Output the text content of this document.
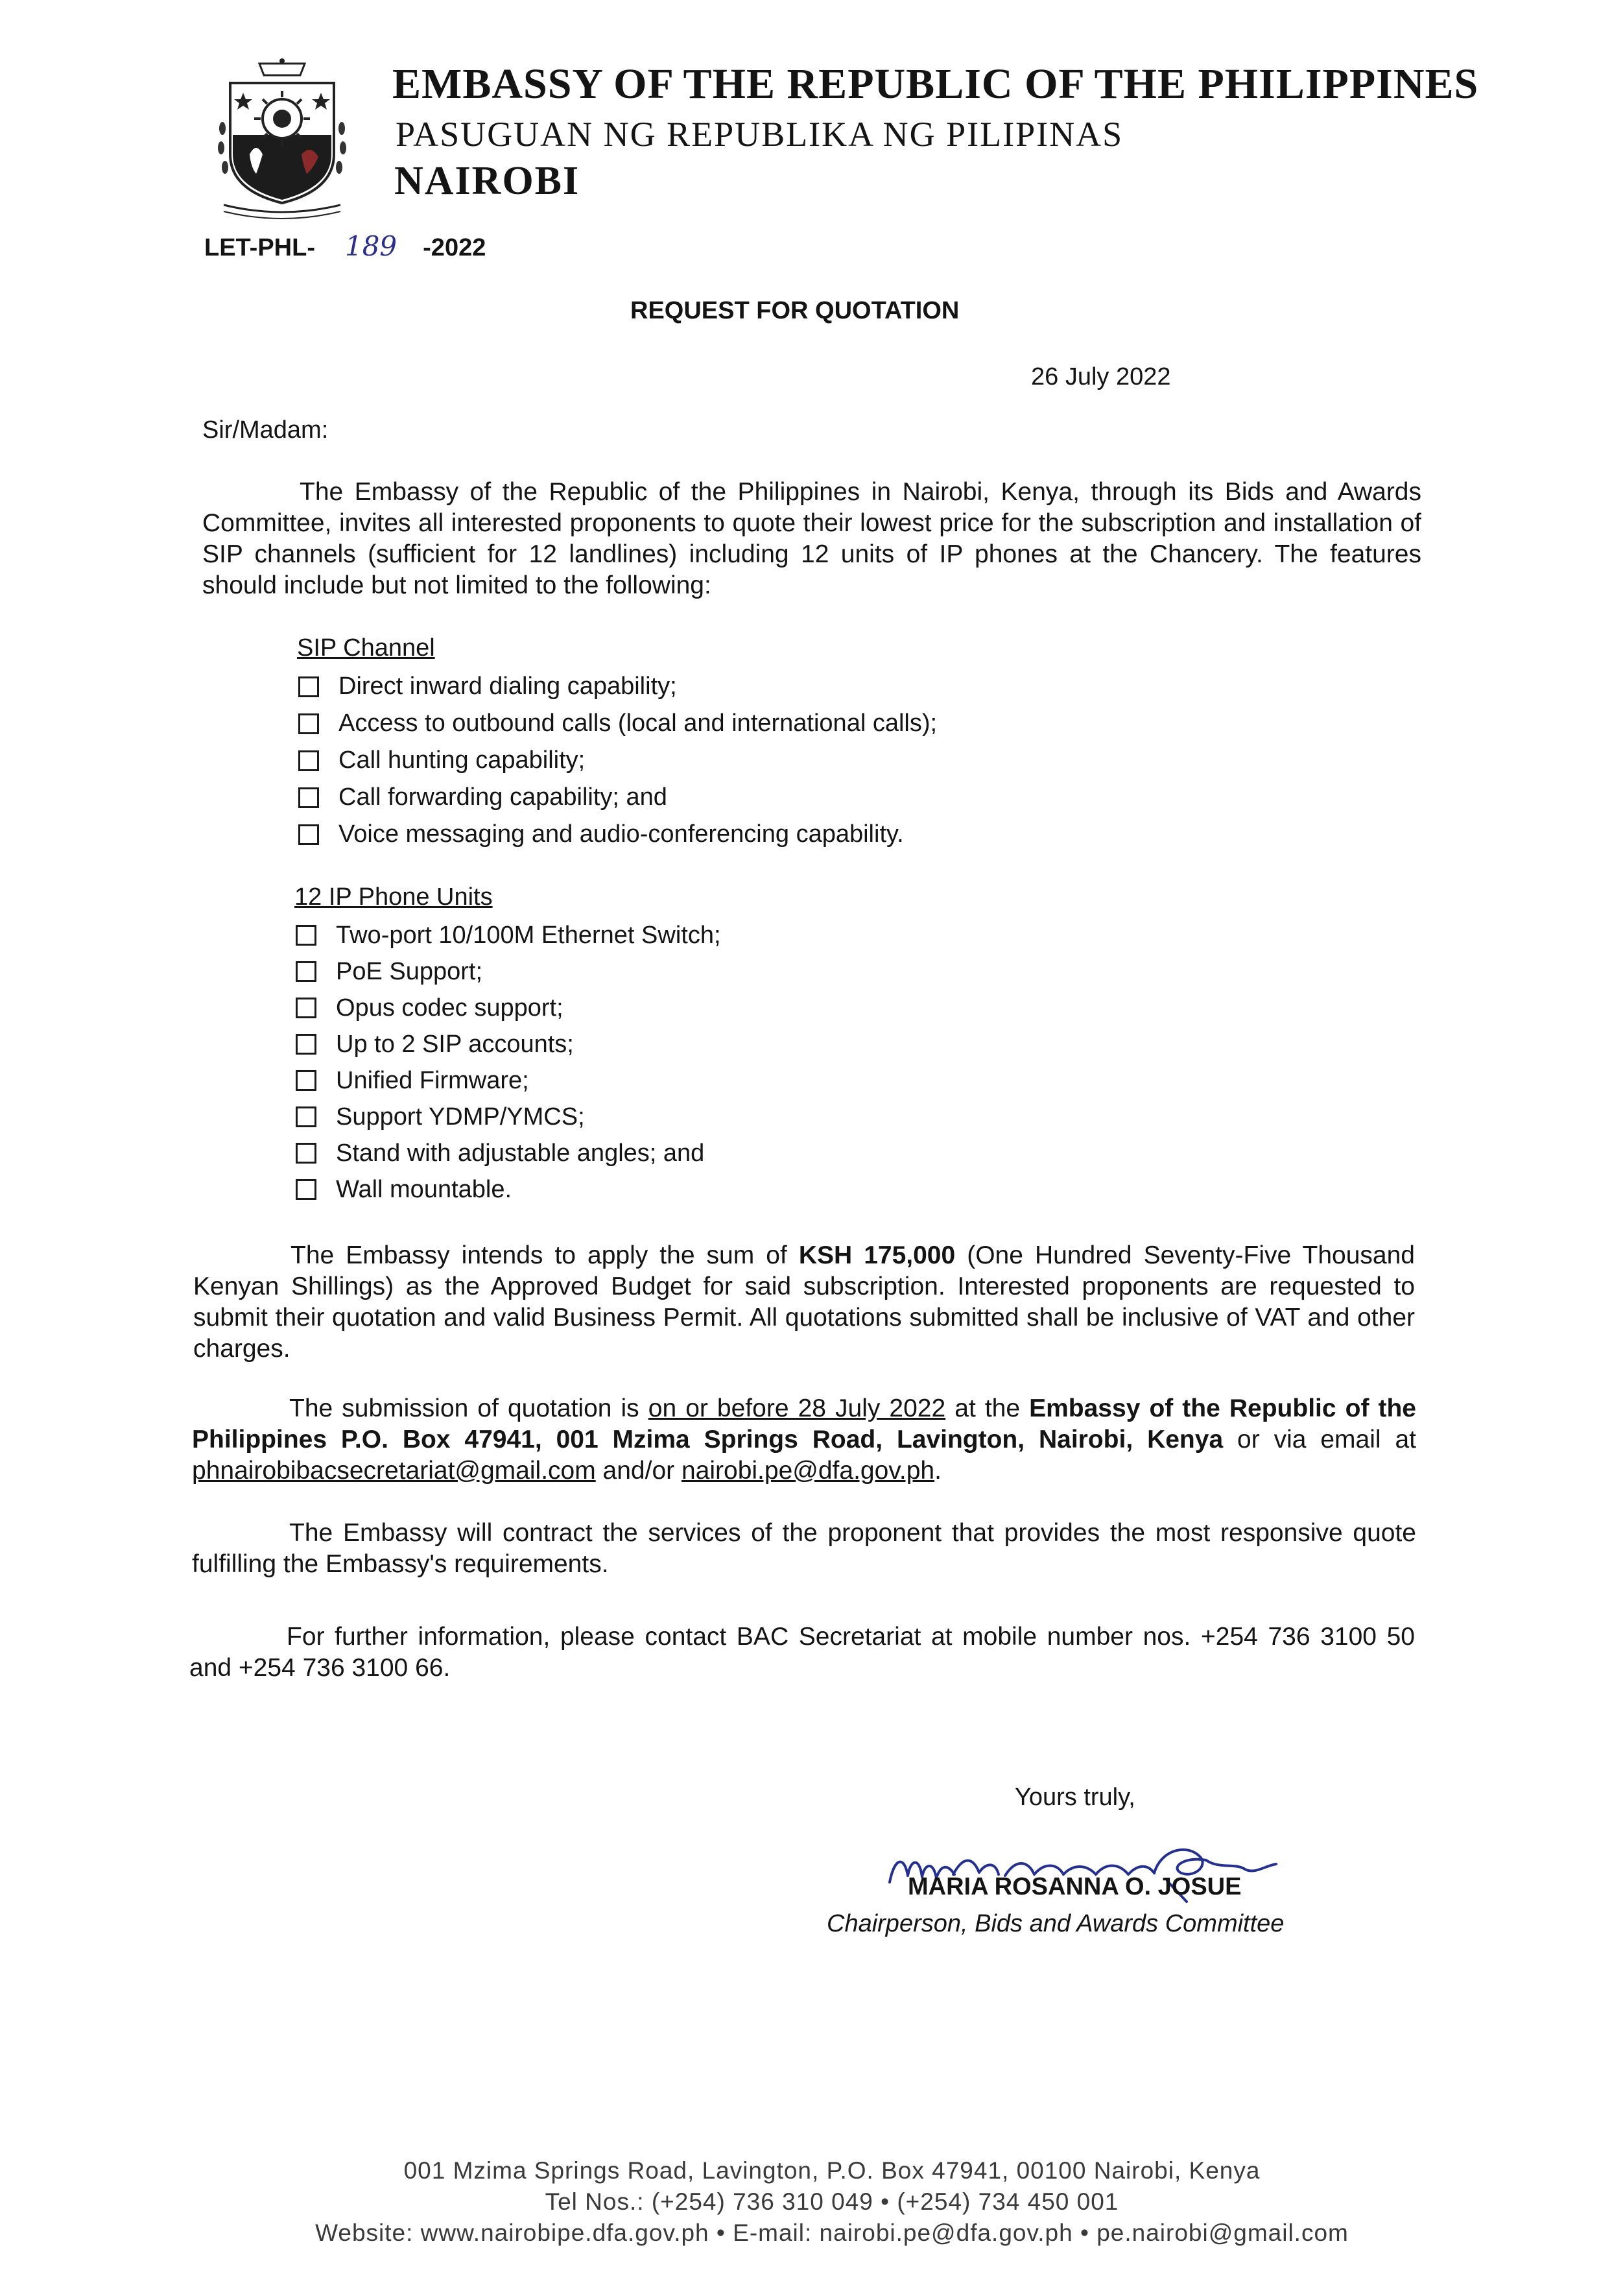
EMBASSY OF THE REPUBLIC OF THE PHILIPPINES
PASUGUAN NG REPUBLIKA NG PILIPINAS
NAIROBI
LET-PHL- 189 -2022
REQUEST FOR QUOTATION
26 July 2022
Sir/Madam:
The Embassy of the Republic of the Philippines in Nairobi, Kenya, through its Bids and Awards Committee, invites all interested proponents to quote their lowest price for the subscription and installation of SIP channels (sufficient for 12 landlines) including 12 units of IP phones at the Chancery. The features should include but not limited to the following:
SIP Channel
Direct inward dialing capability;
Access to outbound calls (local and international calls);
Call hunting capability;
Call forwarding capability; and
Voice messaging and audio-conferencing capability.
12 IP Phone Units
Two-port 10/100M Ethernet Switch;
PoE Support;
Opus codec support;
Up to 2 SIP accounts;
Unified Firmware;
Support YDMP/YMCS;
Stand with adjustable angles; and
Wall mountable.
The Embassy intends to apply the sum of KSH 175,000 (One Hundred Seventy-Five Thousand Kenyan Shillings) as the Approved Budget for said subscription. Interested proponents are requested to submit their quotation and valid Business Permit. All quotations submitted shall be inclusive of VAT and other charges.
The submission of quotation is on or before 28 July 2022 at the Embassy of the Republic of the Philippines P.O. Box 47941, 001 Mzima Springs Road, Lavington, Nairobi, Kenya or via email at phnairobibacsecretariat@gmail.com and/or nairobi.pe@dfa.gov.ph.
The Embassy will contract the services of the proponent that provides the most responsive quote fulfilling the Embassy's requirements.
For further information, please contact BAC Secretariat at mobile number nos. +254 736 3100 50 and +254 736 3100 66.
Yours truly,
MARIA ROSANNA O. JOSUE
Chairperson, Bids and Awards Committee
001 Mzima Springs Road, Lavington, P.O. Box 47941, 00100 Nairobi, Kenya
Tel Nos.: (+254) 736 310 049 • (+254) 734 450 001
Website: www.nairobipe.dfa.gov.ph • E-mail: nairobi.pe@dfa.gov.ph • pe.nairobi@gmail.com
